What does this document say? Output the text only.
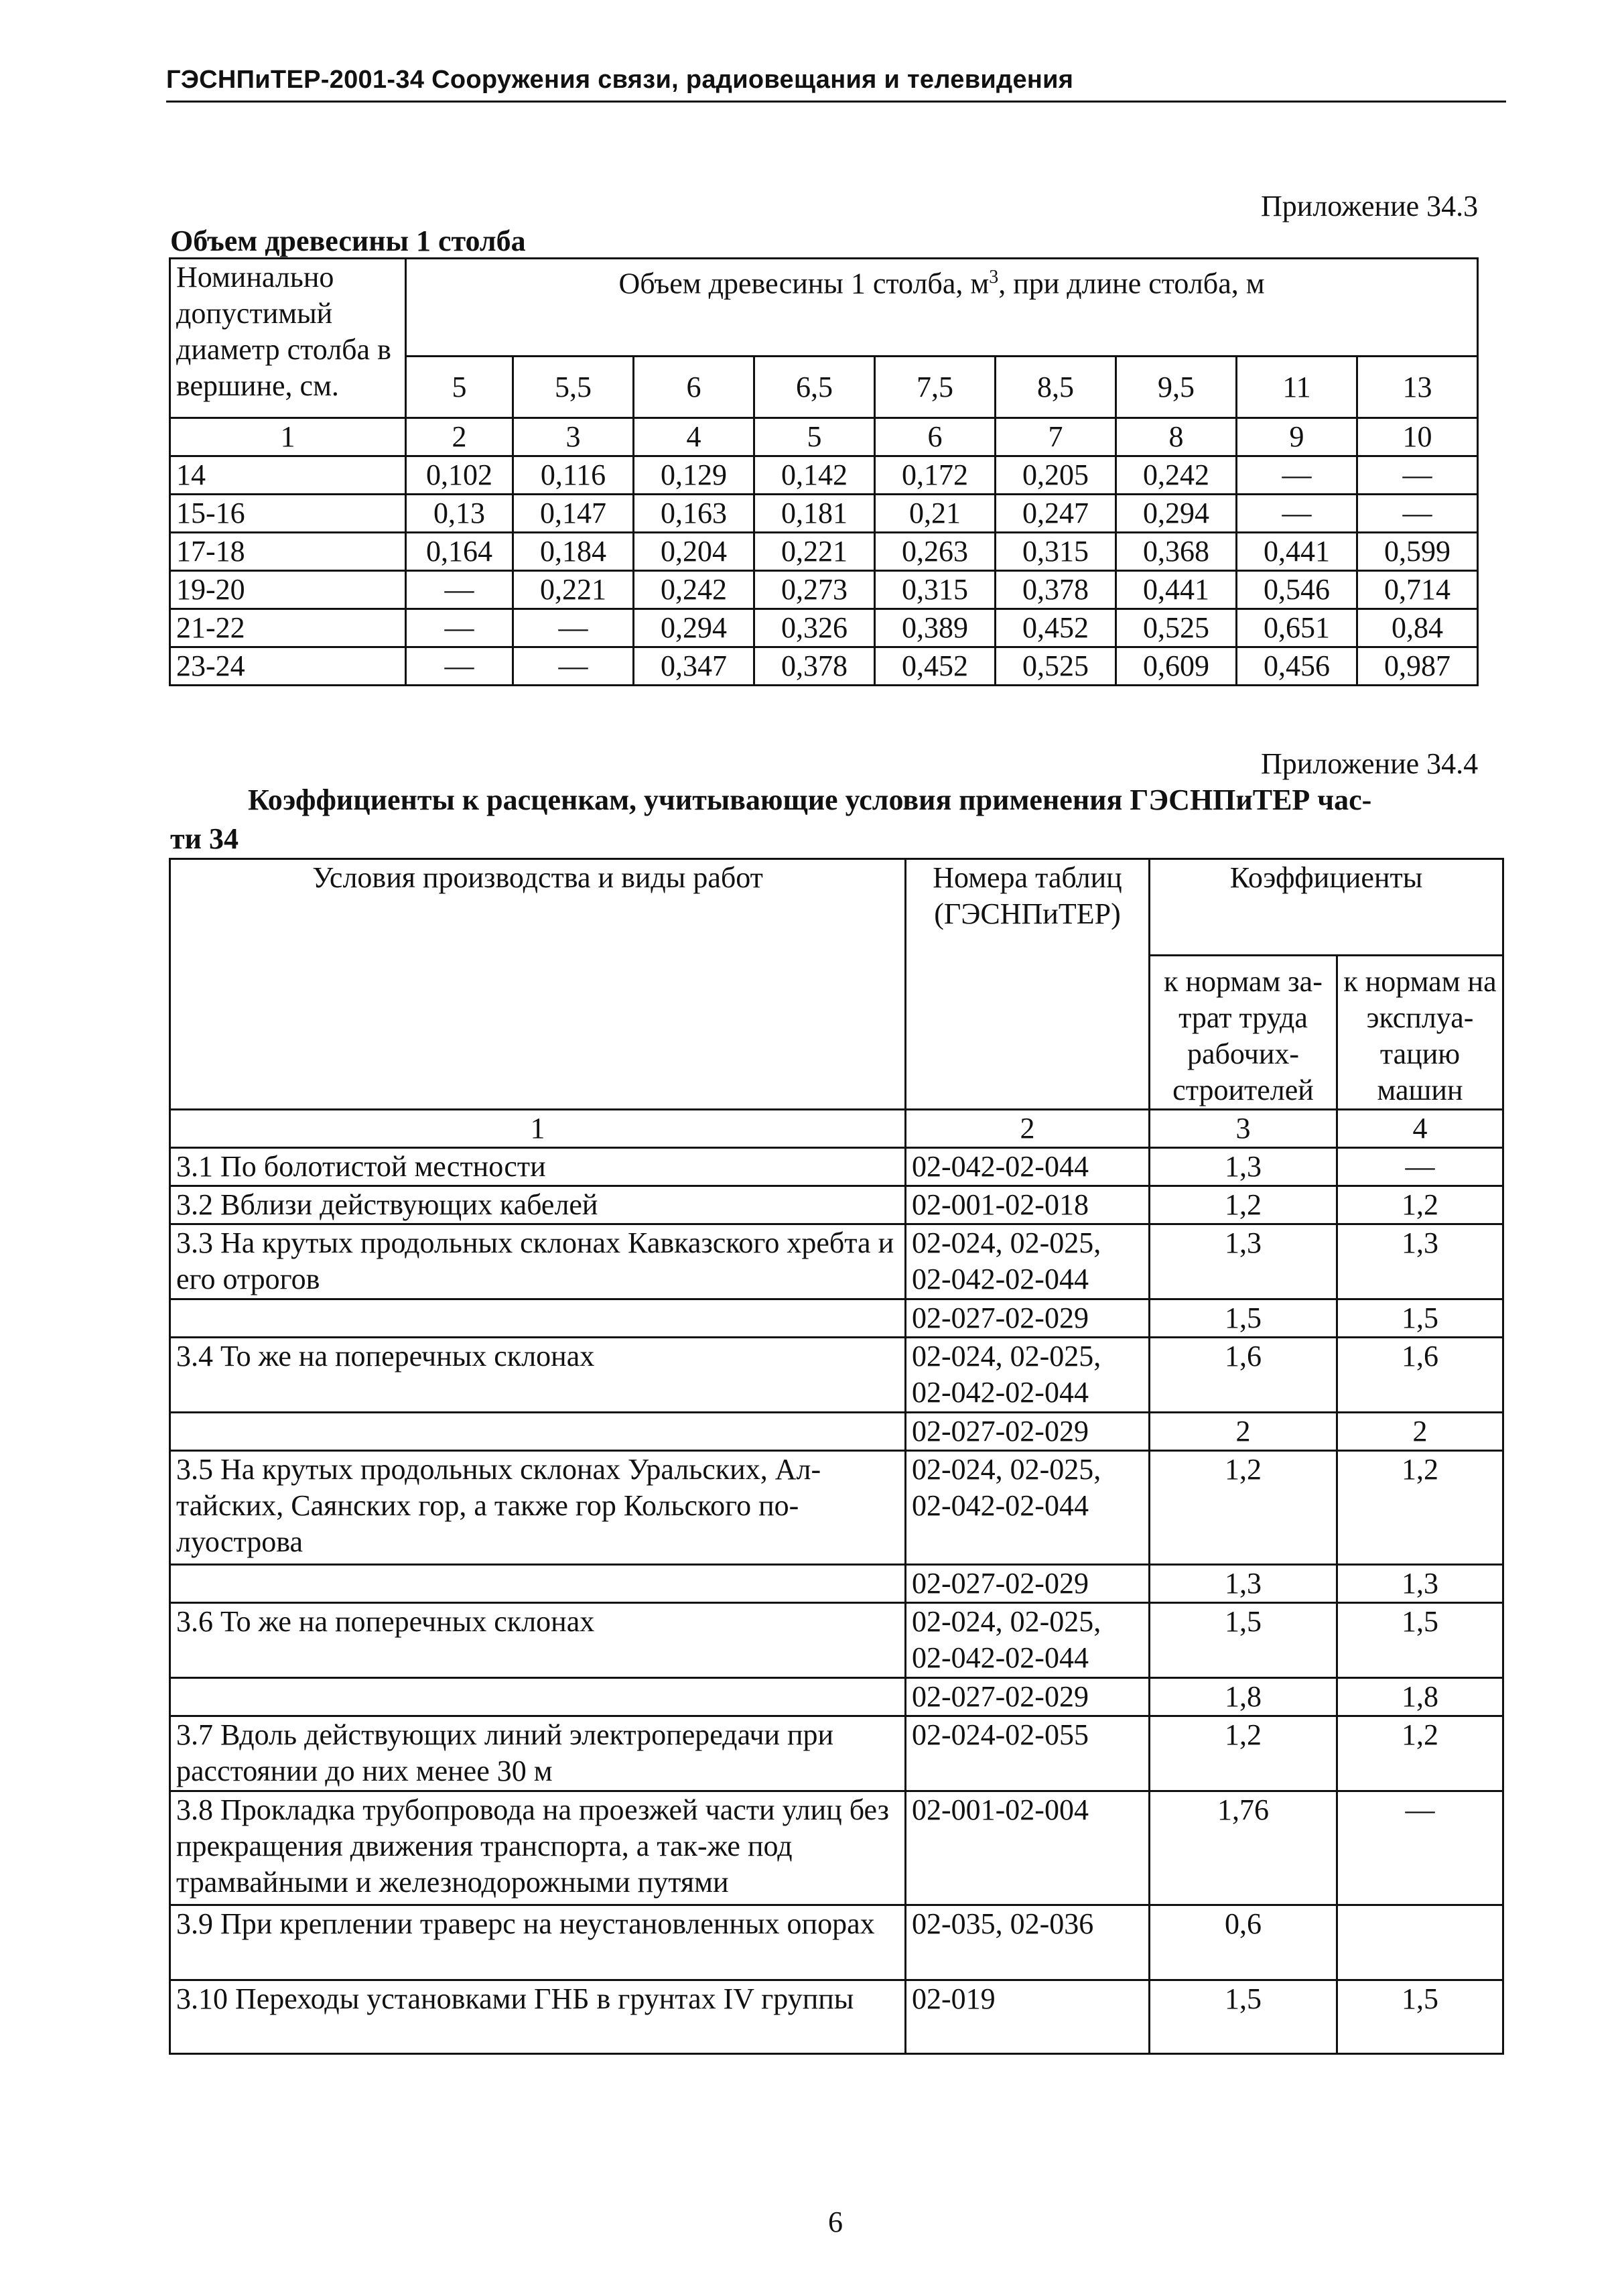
ГЭСНПиТЕР-2001-34 Сооружения связи, радиовещания и телевидения
Приложение 34.3
Объем древесины 1 столба
Номинально допустимый диаметр столба в вершине, см.	Объем древесины 1 столба, $м^3$, при длине столба, м								
	5	5,5	6	6,5	7,5	8,5	9,5	11	13
1	2	3	4	5	6	7	8	9	10
14	0,102	0,116	0,129	0,142	0,172	0,205	0,242	—	—
15-16	0,13	0,147	0,163	0,181	0,21	0,247	0,294	—	—
17-18	0,164	0,184	0,204	0,221	0,263	0,315	0,368	0,441	0,599
19-20	—	0,221	0,242	0,273	0,315	0,378	0,441	0,546	0,714
21-22	—	—	0,294	0,326	0,389	0,452	0,525	0,651	0,84
23-24	—	—	0,347	0,378	0,452	0,525	0,609	0,456	0,987
Приложение 34.4
Коэффициенты к расценкам, учитывающие условия применения ГЭСНПиТЕР час-
ти 34
Условия производства и виды работ	Номера таблиц (ГЭСНПиТЕР)	Коэффициенты	
		к нормам за-трат труда рабочих-строителей	к нормам на эксплуа-тацию машин
1	2	3	4
3.1 По болотистой местности	02-042-02-044	1,3	—
3.2 Вблизи действующих кабелей	02-001-02-018	1,2	1,2
3.3 На крутых продольных склонах Кавказского хребта и его отрогов	02-024, 02-025, 02-042-02-044	1,3	1,3
	02-027-02-029	1,5	1,5
3.4 То же на поперечных склонах	02-024, 02-025, 02-042-02-044	1,6	1,6
	02-027-02-029	2	2
3.5 На крутых продольных склонах Уральских, Ал-тайских, Саянских гор, а также гор Кольского по-луострова	02-024, 02-025, 02-042-02-044	1,2	1,2
	02-027-02-029	1,3	1,3
3.6 То же на поперечных склонах	02-024, 02-025, 02-042-02-044	1,5	1,5
	02-027-02-029	1,8	1,8
3.7 Вдоль действующих линий электропередачи при расстоянии до них менее 30 м	02-024-02-055	1,2	1,2
3.8 Прокладка трубопровода на проезжей части улиц без прекращения движения транспорта, а так-же под трамвайными и железнодорожными путями	02-001-02-004	1,76	—
3.9 При креплении траверс на неустановленных опорах	02-035, 02-036	0,6	
3.10 Переходы установками ГНБ в грунтах IV группы	02-019	1,5	1,5
6
